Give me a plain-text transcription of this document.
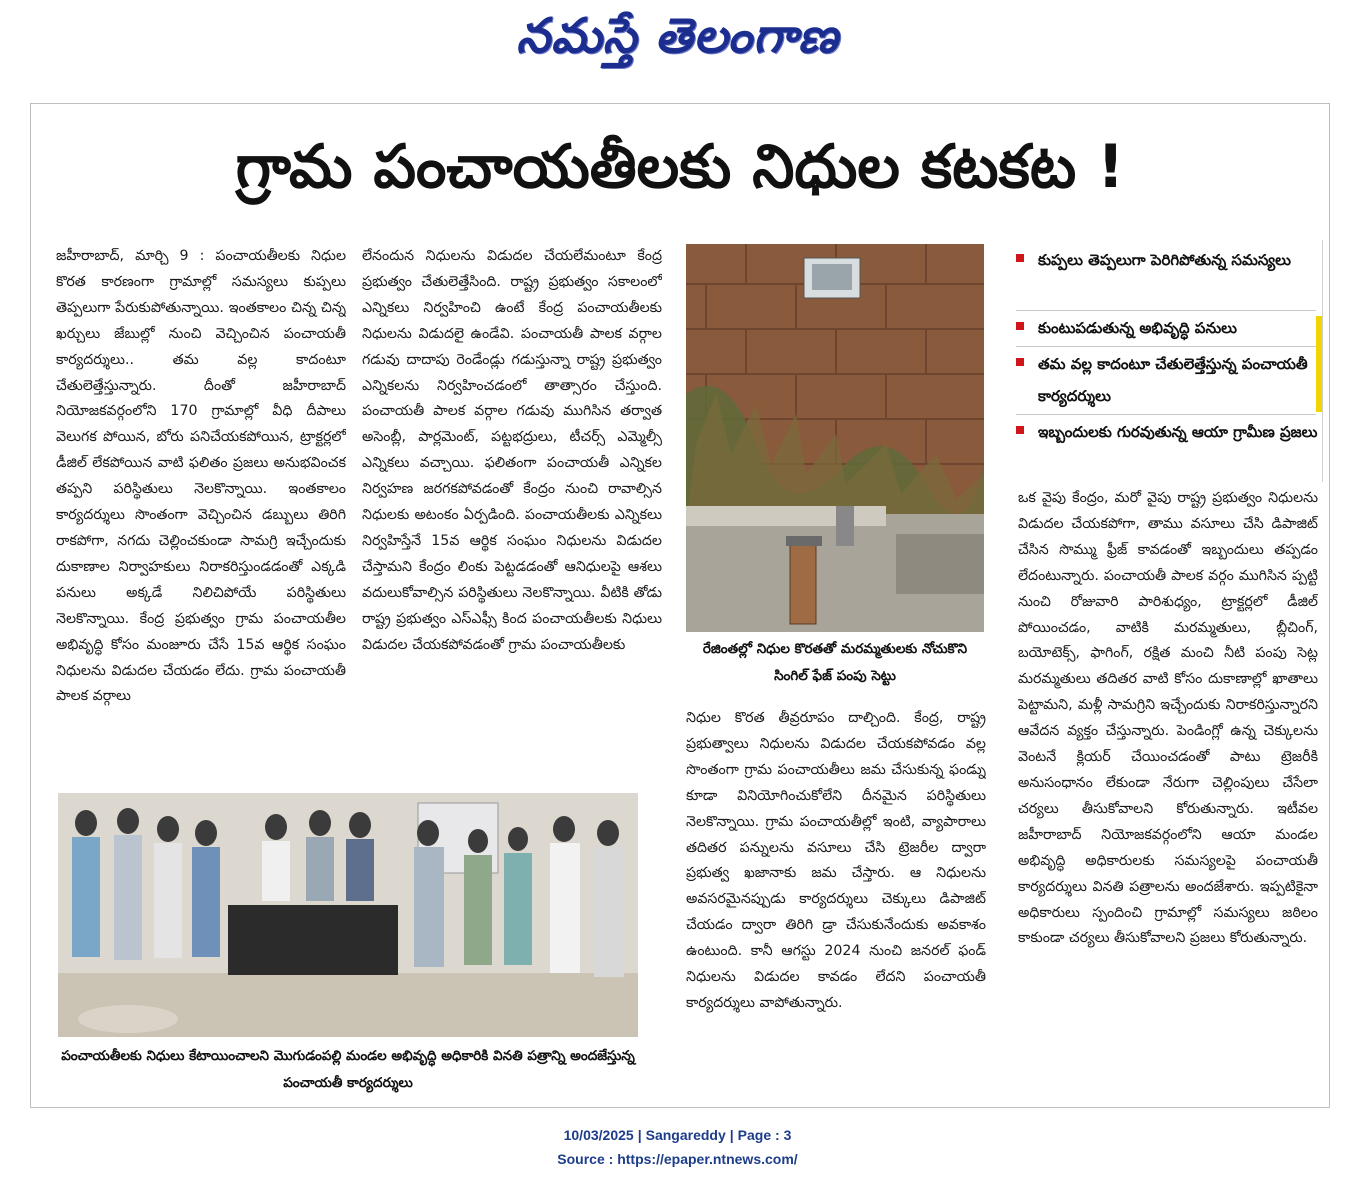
నమస్తే తెలంగాణ
గ్రామ పంచాయతీలకు నిధుల కటకట !
జహీరాబాద్, మార్చి 9 : పంచాయతీలకు నిధుల కొరత కారణంగా గ్రామాల్లో సమస్యలు కుప్పలు తెప్పలుగా పేరుకుపోతున్నాయి. ఇంతకాలం చిన్న చిన్న ఖర్చులు జేబుల్లో నుంచి వెచ్చించిన పంచాయతీ కార్యదర్శులు.. తమ వల్ల కాదంటూ చేతులెత్తేస్తున్నారు. దీంతో జహీరాబాద్ నియోజకవర్గంలోని 170 గ్రామాల్లో వీధి దీపాలు వెలుగక పోయిన, బోరు పనిచేయకపోయిన, ట్రాక్టర్లలో డీజిల్ లేకపోయిన వాటి ఫలితం ప్రజలు అనుభవించక తప్పని పరిస్థితులు నెలకొన్నాయి. ఇంతకాలం కార్యదర్శులు సొంతంగా వెచ్చించిన డబ్బులు తిరిగి రాకపోగా, నగదు చెల్లించకుండా సామగ్రి ఇచ్చేందుకు దుకాణాల నిర్వాహకులు నిరాకరిస్తుండడంతో ఎక్కడి పనులు అక్కడే నిలిచిపోయే పరిస్థితులు నెలకొన్నాయి. కేంద్ర ప్రభుత్వం గ్రామ పంచాయతీల అభివృద్ధి కోసం మంజూరు చేసే 15వ ఆర్థిక సంఘం నిధులను విడుదల చేయడం లేదు. గ్రామ పంచాయతీ పాలక వర్గాలు
లేనందున నిధులను విడుదల చేయలేమంటూ కేంద్ర ప్రభుత్వం చేతులెత్తేసింది. రాష్ట్ర ప్రభుత్వం సకాలంలో ఎన్నికలు నిర్వహించి ఉంటే కేంద్ర పంచాయతీలకు నిధులను విడుదలై ఉండేవి. పంచాయతీ పాలక వర్గాల గడువు దాదాపు రెండేండ్లు గడుస్తున్నా రాష్ట్ర ప్రభుత్వం ఎన్నికలను నిర్వహించడంలో తాత్సారం చేస్తుంది. పంచాయతీ పాలక వర్గాల గడువు ముగిసిన తర్వాత అసెంబ్లీ, పార్లమెంట్, పట్టభద్రులు, టీచర్స్ ఎమ్మెల్సీ ఎన్నికలు వచ్చాయి. ఫలితంగా పంచాయతీ ఎన్నికల నిర్వహణ జరగకపోవడంతో కేంద్రం నుంచి రావాల్సిన నిధులకు అటంకం ఏర్పడింది. పంచాయతీలకు ఎన్నికలు నిర్వహిస్తేనే 15వ ఆర్థిక సంఘం నిధులను విడుదల చేస్తామని కేంద్రం లింకు పెట్టడడంతో ఆనిధులపై ఆశలు వదులుకోవాల్సిన పరిస్థితులు నెలకొన్నాయి. వీటికి తోడు రాష్ట్ర ప్రభుత్వం ఎస్ఎఫ్సీ కింద పంచాయతీలకు నిధులు విడుదల చేయకపోవడంతో గ్రామ పంచాయతీలకు	రేజింతల్లో నిధుల కొరతతో మరమ్మతులకు నోచుకొని సింగిల్ ఫేజ్ పంపు సెట్టు
పంచాయతీలకు నిధులు కేటాయించాలని మొగుడంపల్లి మండల అభివృద్ధి అధికారికి వినతి పత్రాన్ని అందజేస్తున్న పంచాయతీ కార్యదర్శులు
నిధుల కొరత తీవ్రరూపం దాల్చింది. కేంద్ర, రాష్ట్ర ప్రభుత్వాలు నిధులను విడుదల చేయకపోవడం వల్ల సొంతంగా గ్రామ పంచాయతీలు జమ చేసుకున్న ఫండ్ను కూడా వినియోగించుకోలేని దీనమైన పరిస్థితులు నెలకొన్నాయి. గ్రామ పంచాయతీల్లో ఇంటి, వ్యాపారాలు తదితర పన్నులను వసూలు చేసి ట్రెజరీల ద్వారా ప్రభుత్వ ఖజానాకు జమ చేస్తారు. ఆ నిధులను అవసరమైనప్పుడు కార్యదర్శులు చెక్కులు డిపాజిట్ చేయడం ద్వారా తిరిగి డ్రా చేసుకునేందుకు అవకాశం ఉంటుంది. కానీ ఆగస్టు 2024 నుంచి జనరల్ ఫండ్ నిధులను విడుదల కావడం లేదని పంచాయతీ కార్యదర్శులు వాపోతున్నారు.
కుప్పలు తెప్పలుగా పెరిగిపోతున్న సమస్యలు
కుంటుపడుతున్న అభివృద్ధి పనులు
తమ వల్ల కాదంటూ చేతులెత్తేస్తున్న పంచాయతీ కార్యదర్శులు
ఇబ్బందులకు గురవుతున్న ఆయా గ్రామీణ ప్రజలు
ఒక వైపు కేంద్రం, మరో వైపు రాష్ట్ర ప్రభుత్వం నిధులను విడుదల చేయకపోగా, తాము వసూలు చేసి డిపాజిట్ చేసిన సొమ్ము ఫ్రీజ్ కావడంతో ఇబ్బందులు తప్పడం లేదంటున్నారు. పంచాయతీ పాలక వర్గం ముగిసిన ప్పట్టి నుంచి రోజువారి పారిశుధ్యం, ట్రాక్టర్లలో డీజిల్ పోయించడం, వాటికి మరమ్మతులు, బ్లీచింగ్, బయోటెక్స్, ఫాగింగ్, రక్షిత మంచి నీటి పంపు సెట్ల మరమ్మతులు తదితర వాటి కోసం దుకాణాల్లో ఖాతాలు పెట్టామని, మళ్లీ సామగ్రిని ఇచ్చేందుకు నిరాకరిస్తున్నారని ఆవేదన వ్యక్తం చేస్తున్నారు. పెండింగ్లో ఉన్న చెక్కులను వెంటనే క్లియర్ చేయించడంతో పాటు ట్రెజరీకి అనుసంధానం లేకుండా నేరుగా చెల్లింపులు చేసేలా చర్యలు తీసుకోవాలని కోరుతున్నారు. ఇటీవల జహీరాబాద్ నియోజకవర్గంలోని ఆయా మండల అభివృద్ధి అధికారులకు సమస్యలపై పంచాయతీ కార్యదర్శులు వినతి పత్రాలను అందజేశారు. ఇప్పటికైనా అధికారులు స్పందించి గ్రామాల్లో సమస్యలు జఠిలం కాకుండా చర్యలు తీసుకోవాలని ప్రజలు కోరుతున్నారు.
10/03/2025 | Sangareddy | Page : 3
Source : https://epaper.ntnews.com/
